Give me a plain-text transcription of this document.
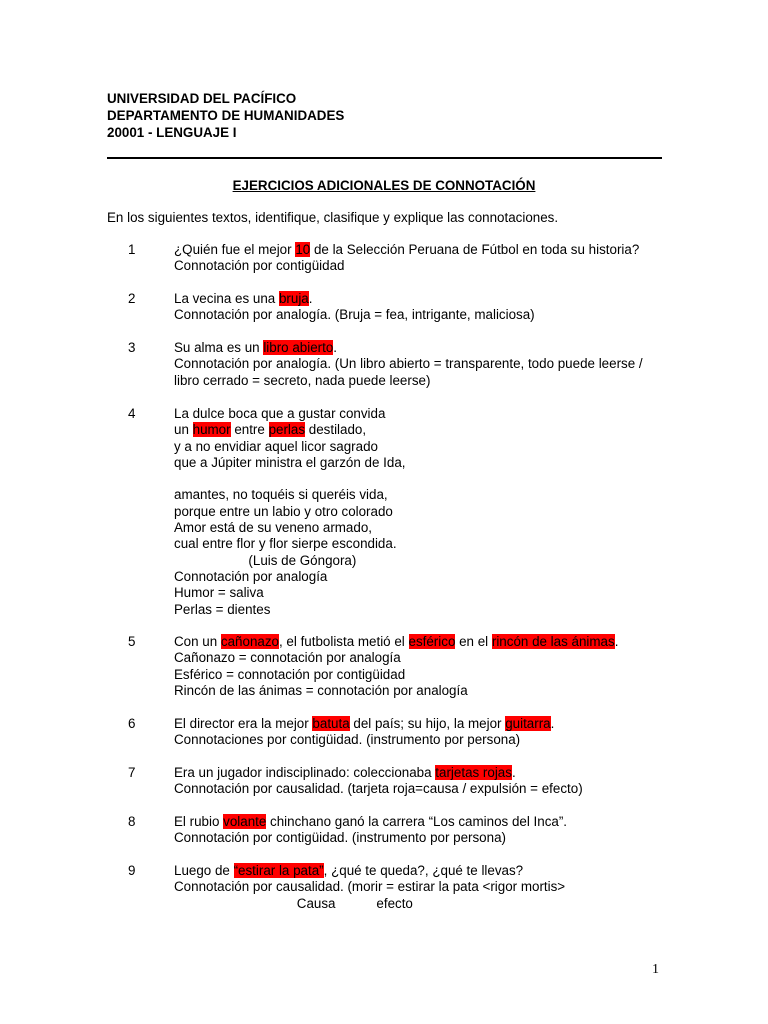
UNIVERSIDAD DEL PACÍFICO
DEPARTAMENTO DE HUMANIDADES
20001 - LENGUAJE I
EJERCICIOS ADICIONALES DE CONNOTACIÓN
En los siguientes textos, identifique, clasifique y explique las connotaciones.
1	¿Quién fue el mejor 10 de la Selección Peruana de Fútbol en toda su historia?
Connotación por contigüidad
2	La vecina es una bruja.
Connotación por analogía. (Bruja = fea, intrigante, maliciosa)
3	Su alma es un libro abierto.
Connotación por analogía. (Un libro abierto = transparente, todo puede leerse /
libro cerrado = secreto, nada puede leerse)
4	La dulce boca que a gustar convida
un humor entre perlas destilado,
y a no envidiar aquel licor sagrado
que a Júpiter ministra el garzón de Ida,
amantes, no toquéis si queréis vida,
porque entre un labio y otro colorado
Amor está de su veneno armado,
cual entre flor y flor sierpe escondida.
(Luis de Góngora)
Connotación por analogía
Humor = saliva
Perlas = dientes
5	Con un cañonazo, el futbolista metió el esférico en el rincón de las ánimas.
Cañonazo = connotación por analogía
Esférico = connotación por contigüidad
Rincón de las ánimas = connotación por analogía
6	El director era la mejor batuta del país; su hijo, la mejor guitarra.
Connotaciones por contigüidad. (instrumento por persona)
7	Era un jugador indisciplinado: coleccionaba tarjetas rojas.
Connotación por causalidad. (tarjeta roja=causa / expulsión = efecto)
8	El rubio volante chinchano ganó la carrera “Los caminos del Inca”.
Connotación por contigüidad. (instrumento por persona)
9	Luego de “estirar la pata”, ¿qué te queda?, ¿qué te llevas?
Connotación por causalidad. (morir = estirar la pata <rigor mortis>
Causa           efecto
1
